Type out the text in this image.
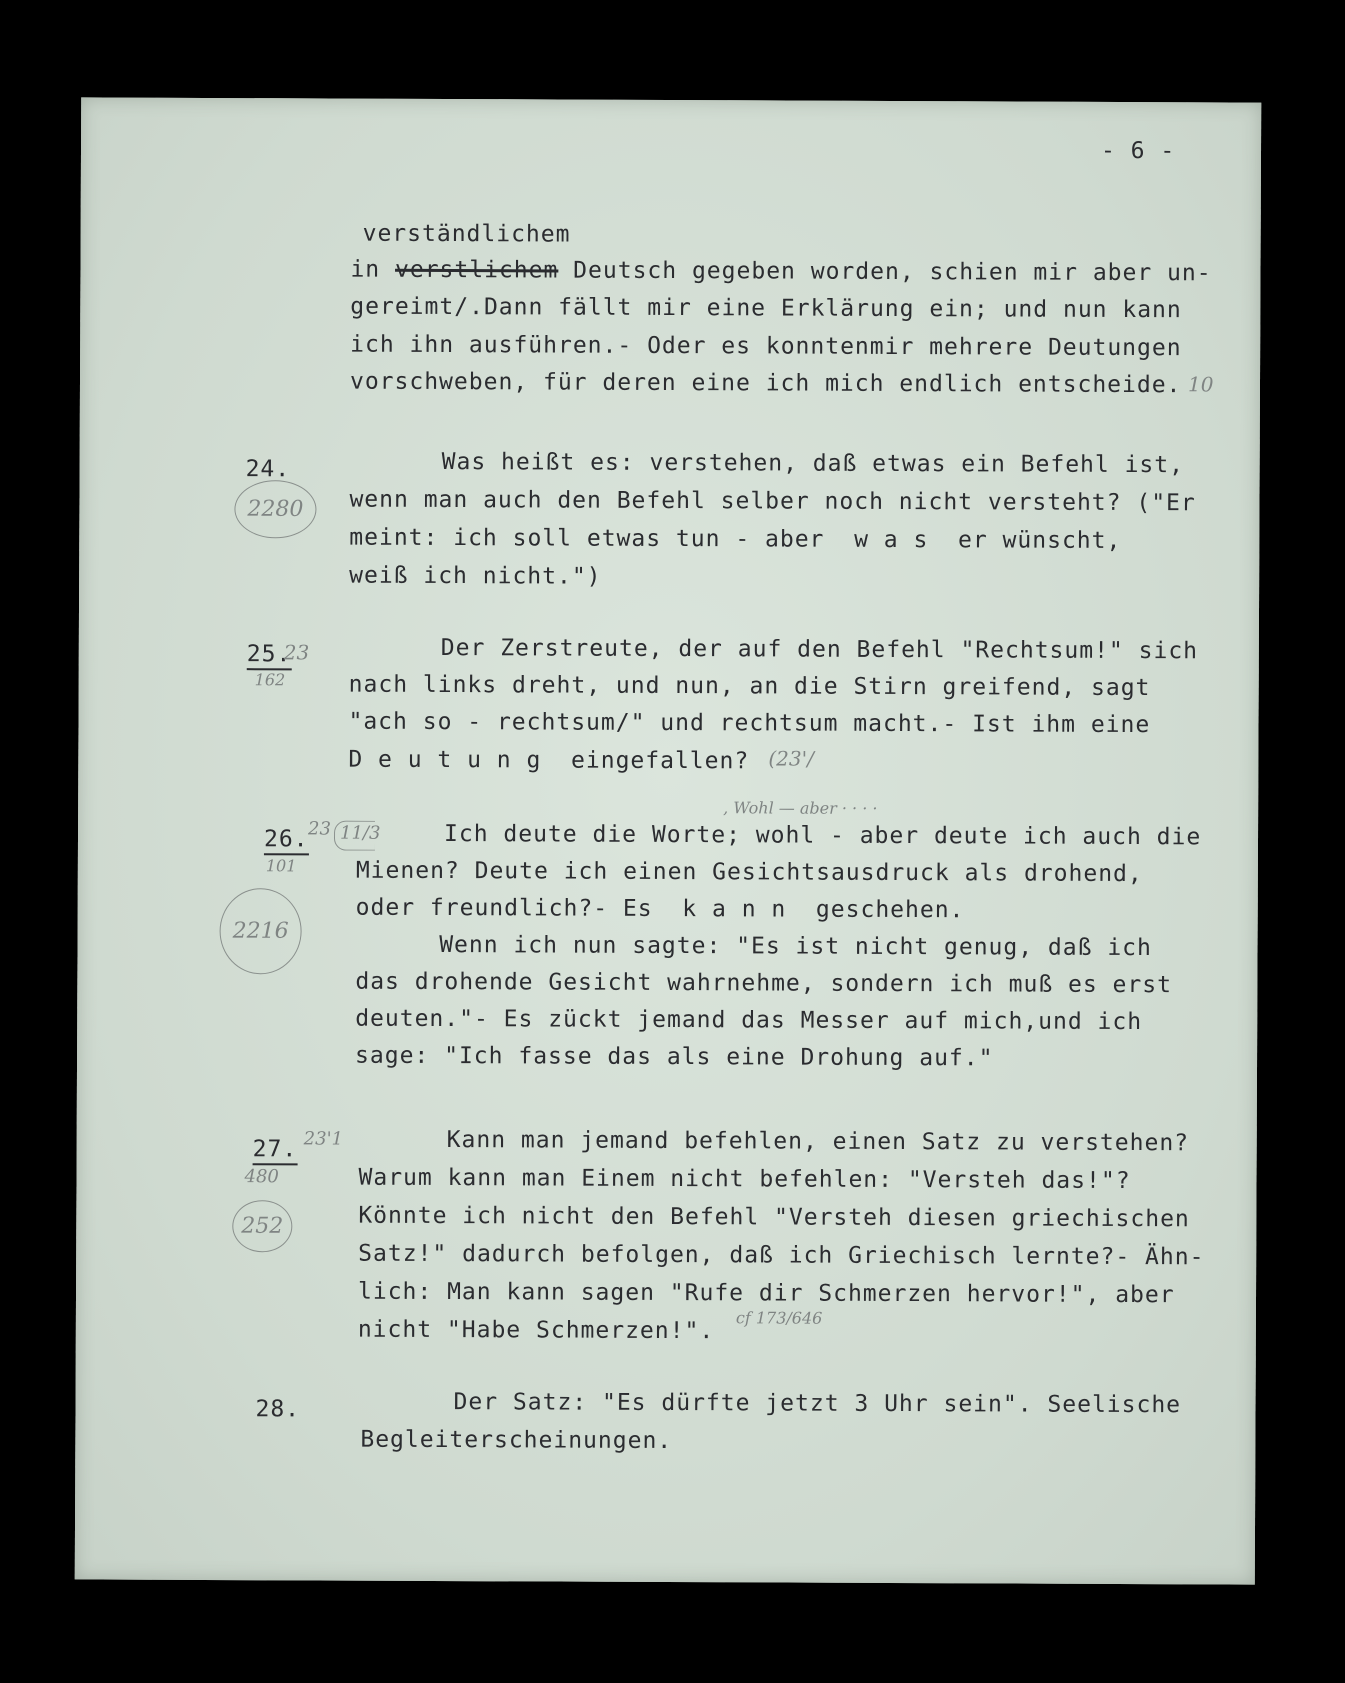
- 6 -
verständlichem
in verstlichem Deutsch gegeben worden, schien mir aber un-
gereimt/.Dann fällt mir eine Erklärung ein; und nun kann
ich ihn ausführen.- Oder es konntenmir mehrere Deutungen
vorschweben, für deren eine ich mich endlich entscheide. 10
24.
2280
Was heißt es: verstehen, daß etwas ein Befehl ist,
wenn man auch den Befehl selber noch nicht versteht? ("Er
meint: ich soll etwas tun - aber  w a s  er wünscht,
weiß ich nicht.")
25.
23
162
Der Zerstreute, der auf den Befehl "Rechtsum!" sich
nach links dreht, und nun, an die Stirn greifend, sagt
"ach so - rechtsum/" und rechtsum macht.- Ist ihm eine
D e u t u n g  eingefallen? (23'/
, Wohl — aber · · · ·
26. 23 11/3
101
2216
Ich deute die Worte; wohl - aber deute ich auch die
Mienen? Deute ich einen Gesichtsausdruck als drohend,
oder freundlich?- Es  k a n n  geschehen.
Wenn ich nun sagte: "Es ist nicht genug, daß ich
das drohende Gesicht wahrnehme, sondern ich muß es erst
deuten."- Es zückt jemand das Messer auf mich,und ich
sage: "Ich fasse das als eine Drohung auf."
27. 23'1
480
252
Kann man jemand befehlen, einen Satz zu verstehen?
Warum kann man Einem nicht befehlen: "Versteh das!"?
Könnte ich nicht den Befehl "Versteh diesen griechischen
Satz!" dadurch befolgen, daß ich Griechisch lernte?- Ähn-
lich: Man kann sagen "Rufe dir Schmerzen hervor!", aber
nicht "Habe Schmerzen!". cf 173/646
28.	Der Satz: "Es dürfte jetzt 3 Uhr sein". Seelische
Begleiterscheinungen.
